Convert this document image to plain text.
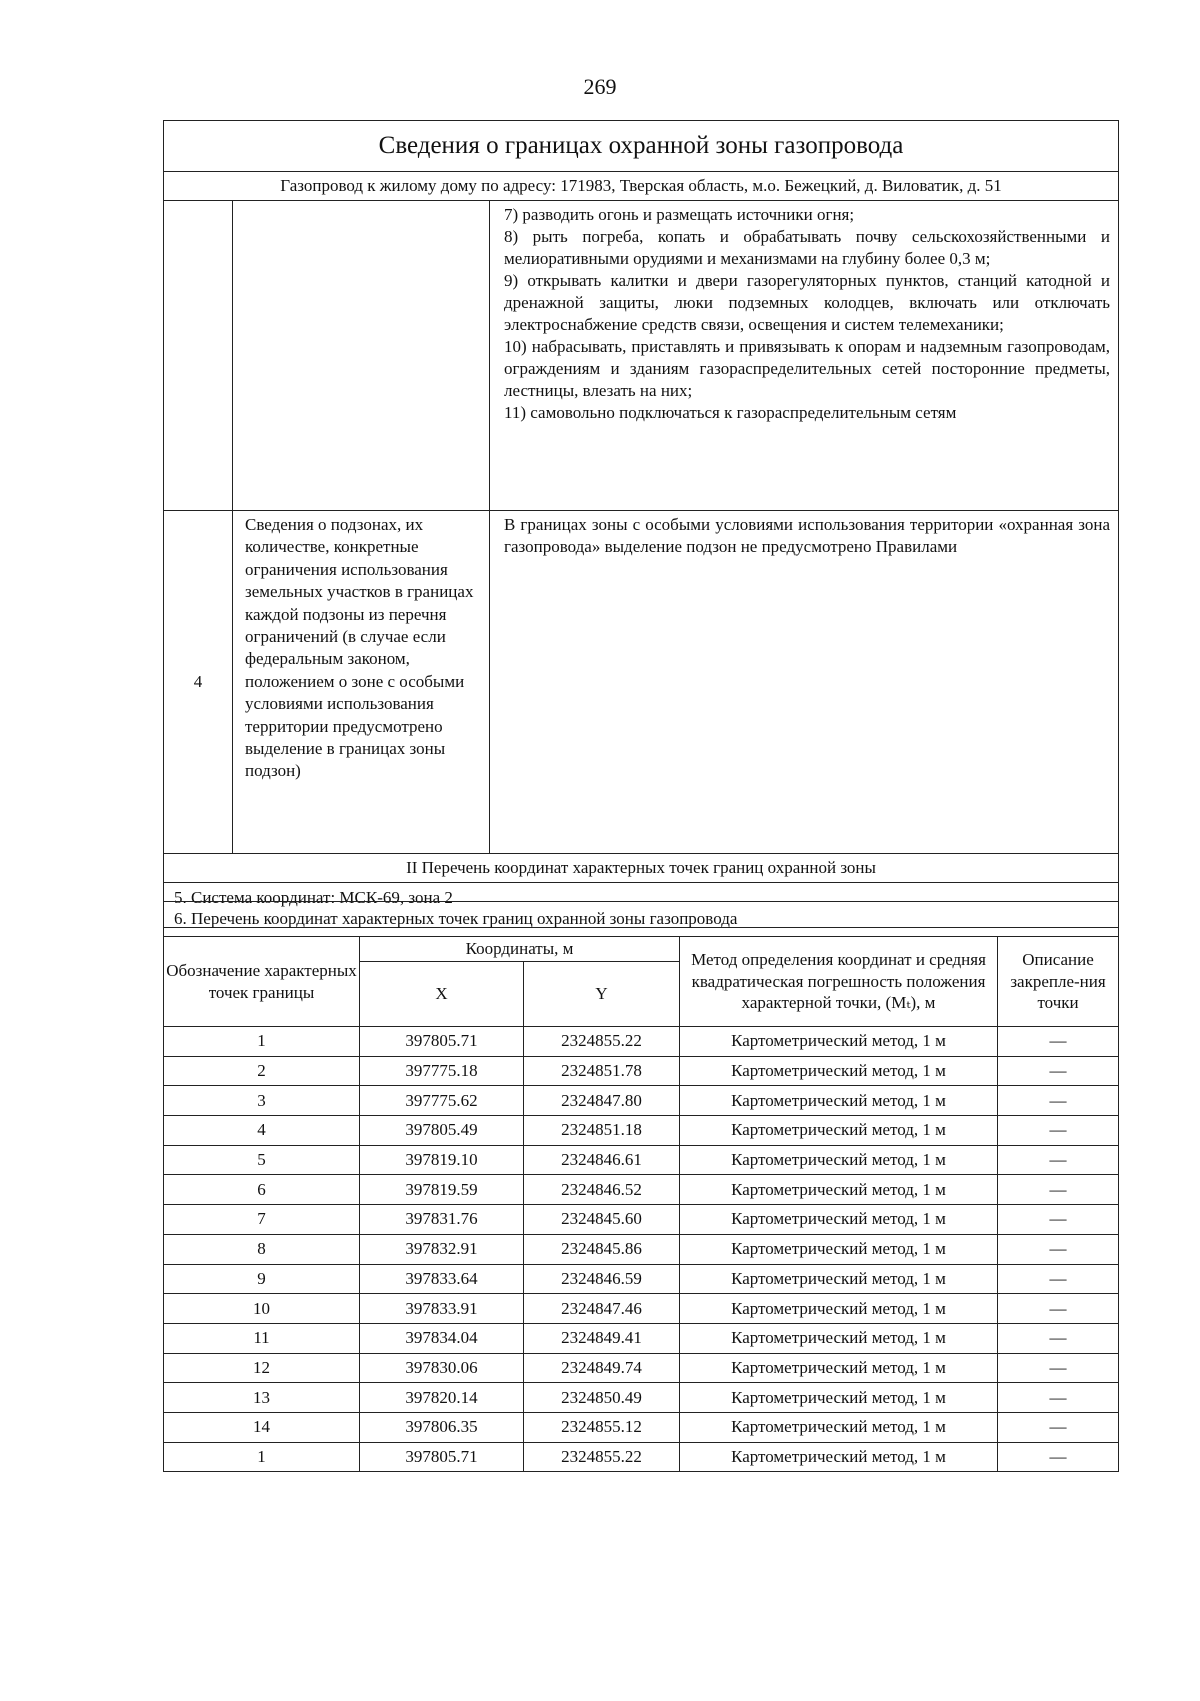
269
Сведения о границах охранной зоны газопровода		
Газопровод к жилому дому по адресу: 171983, Тверская область, м.о. Бежецкий, д. Виловатик, д. 51		

		7) разводить огонь и размещать источники огня;
8) рыть погреба, копать и обрабатывать почву сельскохозяйственными и мелиоративными орудиями и механизмами на глубину более 0,3 м;
9) открывать калитки и двери газорегуляторных пунктов, станций катодной и дренажной защиты, люки подземных колодцев, включать или отключать электроснабжение средств связи, освещения и систем телемеханики;
10) набрасывать, приставлять и привязывать к опорам и надземным газопроводам, ограждениям и зданиям газораспределительных сетей посторонние предметы, лестницы, влезать на них;
11) самовольно подключаться к газораспределительным сетям

4	Сведения о подзонах, их количестве, конкретные ограничения использования земельных участков в границах каждой подзоны из перечня ограничений (в случае если федеральным законом, положением о зоне с особыми условиями использования территории предусмотрено выделение в границах зоны подзон)	В границах зоны с особыми условиями использования территории «охранная зона газопровода» выделение подзон не предусмотрено Правилами

II Перечень координат характерных точек границ охранной зоны		
5. Система координат: МСК-69, зона 2		
6. Перечень координат характерных точек границ охранной зоны газопровода				
Обозначение характерных точек границы	Координаты, м		Метод определения координат и средняя квадратическая погрешность положения характерной точки, (Mₜ), м	Описание закрепле-ния точки
	X	Y		
1	397805.71	2324855.22	Картометрический метод, 1 м	—
2	397775.18	2324851.78	Картометрический метод, 1 м	—
3	397775.62	2324847.80	Картометрический метод, 1 м	—
4	397805.49	2324851.18	Картометрический метод, 1 м	—
5	397819.10	2324846.61	Картометрический метод, 1 м	—
6	397819.59	2324846.52	Картометрический метод, 1 м	—
7	397831.76	2324845.60	Картометрический метод, 1 м	—
8	397832.91	2324845.86	Картометрический метод, 1 м	—
9	397833.64	2324846.59	Картометрический метод, 1 м	—
10	397833.91	2324847.46	Картометрический метод, 1 м	—
11	397834.04	2324849.41	Картометрический метод, 1 м	—
12	397830.06	2324849.74	Картометрический метод, 1 м	—
13	397820.14	2324850.49	Картометрический метод, 1 м	—
14	397806.35	2324855.12	Картометрический метод, 1 м	—
1	397805.71	2324855.22	Картометрический метод, 1 м	—
